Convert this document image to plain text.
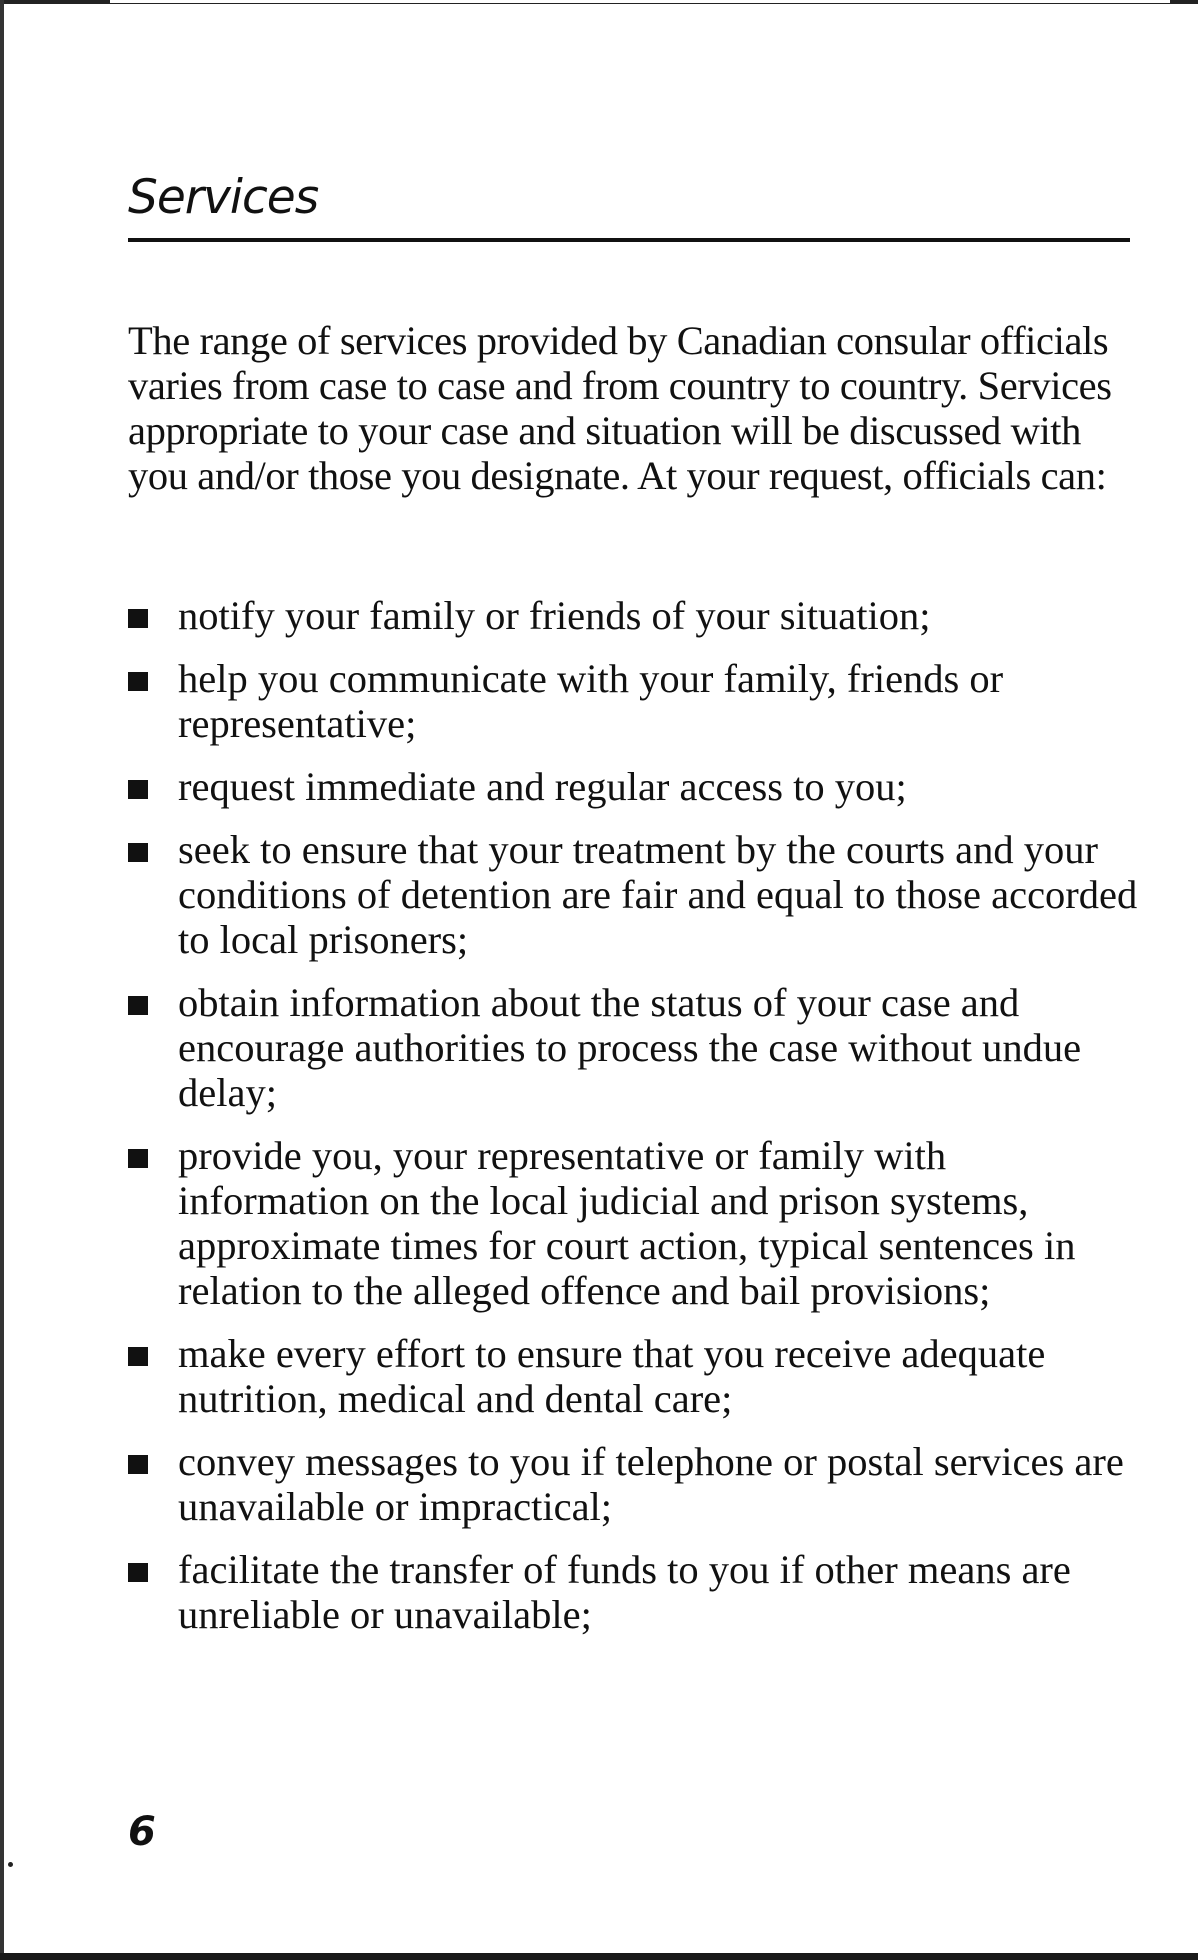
Services

The range of services provided by Canadian consular officials varies from case to case and from country to country. Services appropriate to your case and situation will be discussed with you and/or those you designate. At your request, officials can:

notify your family or friends of your situation;
help you communicate with your family, friends or representative;
request immediate and regular access to you;
seek to ensure that your treatment by the courts and your conditions of detention are fair and equal to those accorded to local prisoners;
obtain information about the status of your case and encourage authorities to process the case without undue delay;
provide you, your representative or family with information on the local judicial and prison systems, approximate times for court action, typical sentences in relation to the alleged offence and bail provisions;
make every effort to ensure that you receive adequate nutrition, medical and dental care;
convey messages to you if telephone or postal services are unavailable or impractical;
facilitate the transfer of funds to you if other means are unreliable or unavailable;

6
